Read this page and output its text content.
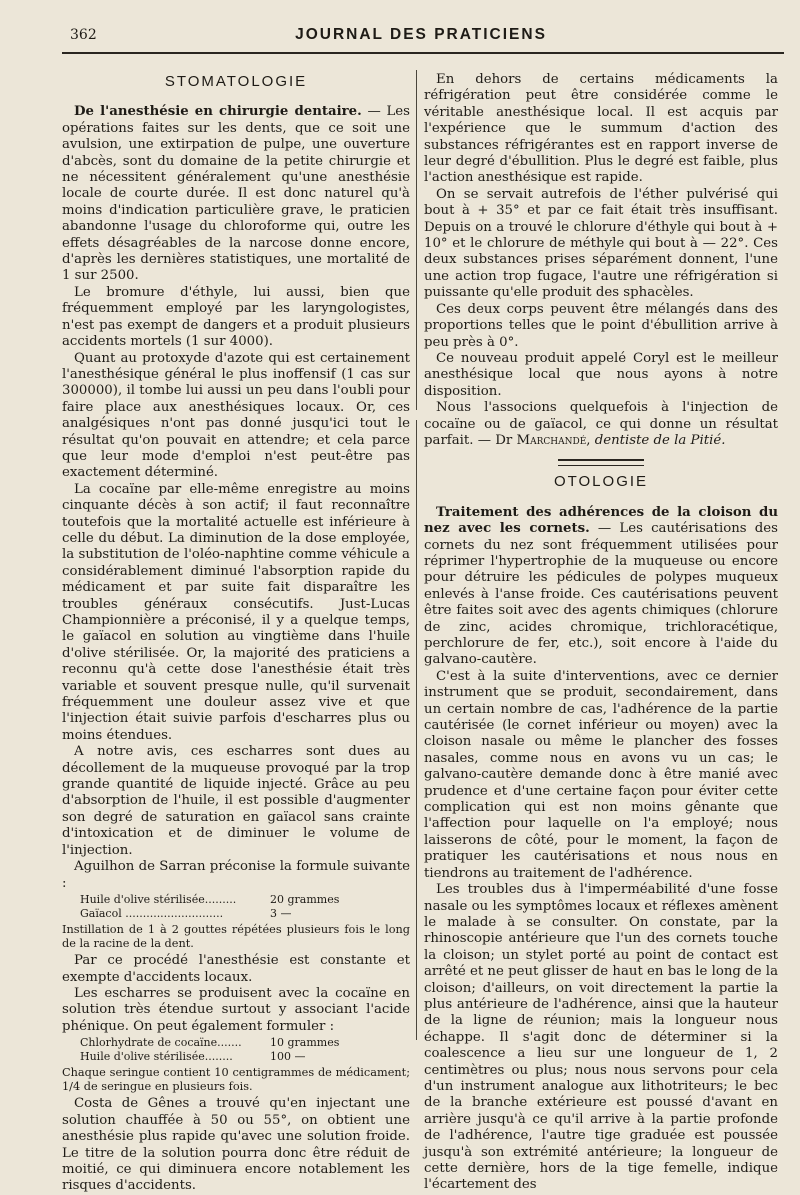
362	JOURNAL DES PRATICIENS
STOMATOLOGIE

De l'anesthésie en chirurgie dentaire. — Les opérations faites sur les dents, que ce soit une avulsion, une extirpation de pulpe, une ouverture d'abcès, sont du domaine de la petite chirurgie et ne nécessitent généralement qu'une anesthésie locale de courte durée. Il est donc naturel qu'à moins d'indication particulière grave, le praticien abandonne l'usage du chloroforme qui, outre les effets désagréables de la narcose donne encore, d'après les dernières statistiques, une mortalité de 1 sur 2500.

Le bromure d'éthyle, lui aussi, bien que fréquemment employé par les laryngologistes, n'est pas exempt de dangers et a produit plusieurs accidents mortels (1 sur 4000).

Quant au protoxyde d'azote qui est certainement l'anesthésique général le plus inoffensif (1 cas sur 300000), il tombe lui aussi un peu dans l'oubli pour faire place aux anesthésiques locaux. Or, ces analgésiques n'ont pas donné jusqu'ici tout le résultat qu'on pouvait en attendre; et cela parce que leur mode d'emploi n'est peut-être pas exactement déterminé.

La cocaïne par elle-même enregistre au moins cinquante décès à son actif; il faut reconnaître toutefois que la mortalité actuelle est inférieure à celle du début. La diminution de la dose employée, la substitution de l'oléo-naphtine comme véhicule a considérablement diminué l'absorption rapide du médicament et par suite fait disparaître les troubles généraux consécutifs. Just-Lucas Championnière a préconisé, il y a quelque temps, le gaïacol en solution au vingtième dans l'huile d'olive stérilisée. Or, la majorité des praticiens a reconnu qu'à cette dose l'anesthésie était très variable et souvent presque nulle, qu'il survenait fréquemment une douleur assez vive et que l'injection était suivie parfois d'escharres plus ou moins étendues.

A notre avis, ces escharres sont dues au décollement de la muqueuse provoqué par la trop grande quantité de liquide injecté. Grâce au peu d'absorption de l'huile, il est possible d'augmenter son degré de saturation en gaïacol sans crainte d'intoxication et de diminuer le volume de l'injection.

Aguilhon de Sarran préconise la formule suivante :

Huile d'olive stérilisée.........	20 grammes
Gaïacol ............................	3 —

Instillation de 1 à 2 gouttes répétées plusieurs fois le long de la racine de la dent.

Par ce procédé l'anesthésie est constante et exempte d'accidents locaux.

Les escharres se produisent avec la cocaïne en solution très étendue surtout y associant l'acide phénique. On peut également formuler :

Chlorhydrate de cocaïne.......	10 grammes
Huile d'olive stérilisée........	100 —

Chaque seringue contient 10 centigrammes de médicament; 1/4 de seringue en plusieurs fois.

Costa de Gênes a trouvé qu'en injectant une solution chauffée à 50 ou 55°, on obtient une anesthésie plus rapide qu'avec une solution froide. Le titre de la solution pourra donc être réduit de moitié, ce qui diminuera encore notablement les risques d'accidents.

En dehors de certains médicaments la réfrigération peut être considérée comme le véritable anesthésique local. Il est acquis par l'expérience que le summum d'action des substances réfrigérantes est en rapport inverse de leur degré d'ébullition. Plus le degré est faible, plus l'action anesthésique est rapide.

On se servait autrefois de l'éther pulvérisé qui bout à + 35° et par ce fait était très insuffisant. Depuis on a trouvé le chlorure d'éthyle qui bout à + 10° et le chlorure de méthyle qui bout à — 22°. Ces deux substances prises séparément donnent, l'une une action trop fugace, l'autre une réfrigération si puissante qu'elle produit des sphacèles.

Ces deux corps peuvent être mélangés dans des proportions telles que le point d'ébullition arrive à peu près à 0°.

Ce nouveau produit appelé Coryl est le meilleur anesthésique local que nous ayons à notre disposition.

Nous l'associons quelquefois à l'injection de cocaïne ou de gaïacol, ce qui donne un résultat parfait. — Dr Marchandé, dentiste de la Pitié.

OTOLOGIE

Traitement des adhérences de la cloison du nez avec les cornets. — Les cautérisations des cornets du nez sont fréquemment utilisées pour réprimer l'hypertrophie de la muqueuse ou encore pour détruire les pédicules de polypes muqueux enlevés à l'anse froide. Ces cautérisations peuvent être faites soit avec des agents chimiques (chlorure de zinc, acides chromique, trichloracétique, perchlorure de fer, etc.), soit encore à l'aide du galvano-cautère.

C'est à la suite d'interventions, avec ce dernier instrument que se produit, secondairement, dans un certain nombre de cas, l'adhérence de la partie cautérisée (le cornet inférieur ou moyen) avec la cloison nasale ou même le plancher des fosses nasales, comme nous en avons vu un cas; le galvano-cautère demande donc à être manié avec prudence et d'une certaine façon pour éviter cette complication qui est non moins gênante que l'affection pour laquelle on l'a employé; nous laisserons de côté, pour le moment, la façon de pratiquer les cautérisations et nous nous en tiendrons au traitement de l'adhérence.

Les troubles dus à l'imperméabilité d'une fosse nasale ou les symptômes locaux et réflexes amènent le malade à se consulter. On constate, par la rhinoscopie antérieure que l'un des cornets touche la cloison; un stylet porté au point de contact est arrêté et ne peut glisser de haut en bas le long de la cloison; d'ailleurs, on voit directement la partie la plus antérieure de l'adhérence, ainsi que la hauteur de la ligne de réunion; mais la longueur nous échappe. Il s'agit donc de déterminer si la coalescence a lieu sur une longueur de 1, 2 centimètres ou plus; nous nous servons pour cela d'un instrument analogue aux lithotriteurs; le bec de la branche extérieure est poussé d'avant en arrière jusqu'à ce qu'il arrive à la partie profonde de l'adhérence, l'autre tige graduée est poussée jusqu'à son extrémité antérieure; la longueur de cette dernière, hors de la tige femelle, indique l'écartement des
